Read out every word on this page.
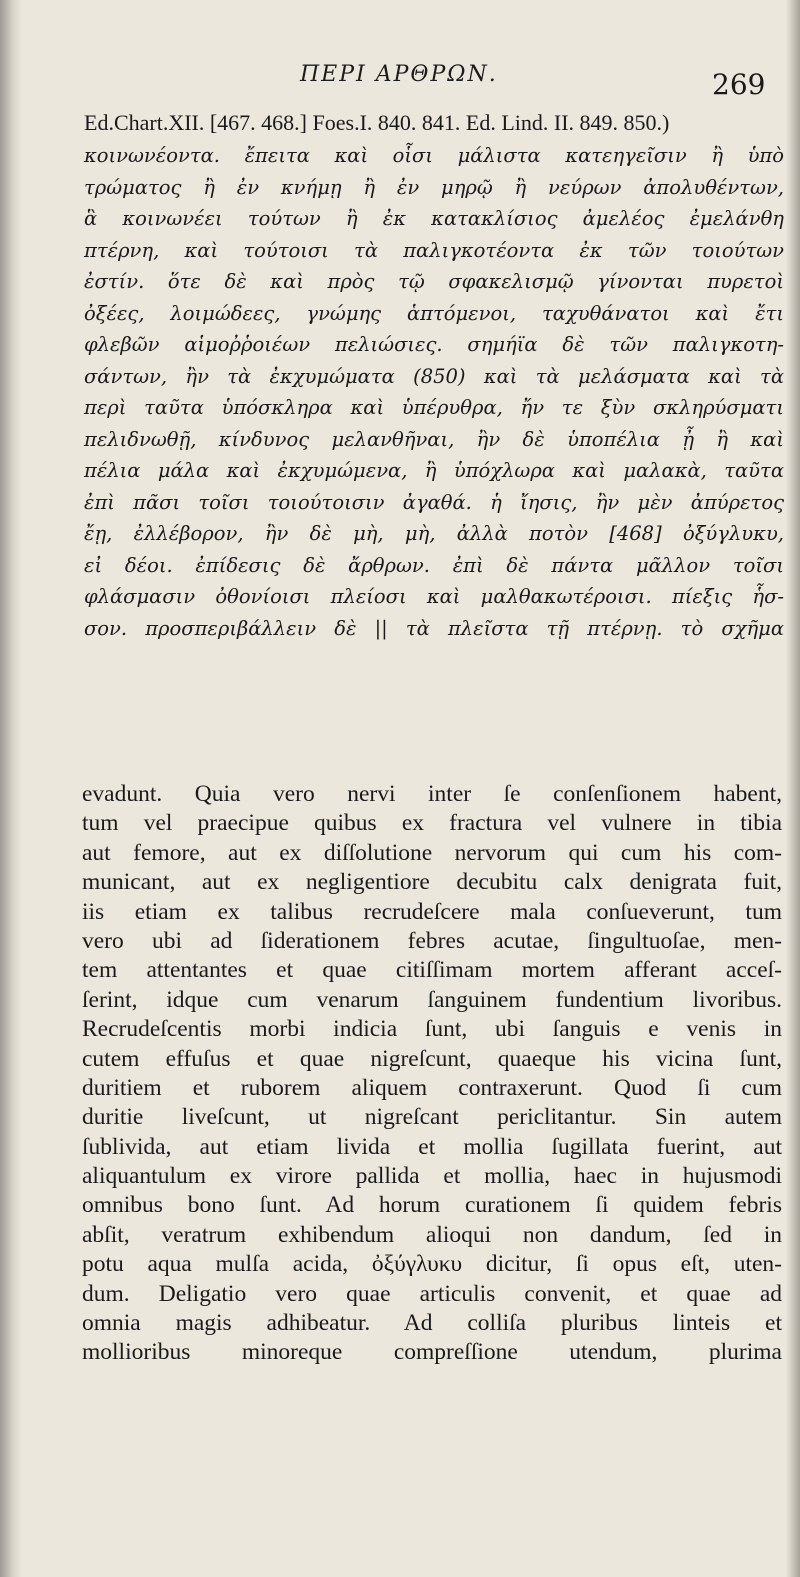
ΠΕΡΙ ΑΡΘΡΩΝ.	269
Ed.Chart.XII. [467. 468.] Foes.I. 840. 841. Ed. Lind. II. 849. 850.)
κοινωνέοντα. ἔπειτα καὶ οἷσι μάλιστα κατεηγεῖσιν ἢ ὑπὸ
τρώματος ἢ ἐν κνήμῃ ἢ ἐν μηρῷ ἢ νεύρων ἀπολυθέντων,
ἃ κοινωνέει τούτων ἢ ἐκ κατακλίσιος ἀμελέος ἐμελάνθη
πτέρνη, καὶ τούτοισι τὰ παλιγκοτέοντα ἐκ τῶν τοιούτων
ἐστίν. ὅτε δὲ καὶ πρὸς τῷ σφακελισμῷ γίνονται πυρετοὶ
ὀξέες, λοιμώδεες, γνώμης ἁπτόμενοι, ταχυθάνατοι καὶ ἔτι
φλεβῶν αἱμοῤῥοιέων πελιώσιες. σημήϊα δὲ τῶν παλιγκοτη-
σάντων, ἢν τὰ ἐκχυμώματα (850) καὶ τὰ μελάσματα καὶ τὰ
περὶ ταῦτα ὑπόσκληρα καὶ ὑπέρυθρα, ἤν τε ξὺν σκληρύσματι
πελιδνωθῇ, κίνδυνος μελανθῆναι, ἢν δὲ ὑποπέλια ᾖ ἢ καὶ
πέλια μάλα καὶ ἐκχυμώμενα, ἢ ὑπόχλωρα καὶ μαλακὰ, ταῦτα
ἐπὶ πᾶσι τοῖσι τοιούτοισιν ἀγαθά. ἡ ἴησις, ἢν μὲν ἀπύρετος
ἔῃ, ἐλλέβορον, ἢν δὲ μὴ, μὴ, ἀλλὰ ποτὸν [468] ὀξύγλυκυ,
εἰ δέοι. ἐπίδεσις δὲ ἄρθρων. ἐπὶ δὲ πάντα μᾶλλον τοῖσι
φλάσμασιν ὀθονίοισι πλείοσι καὶ μαλθακωτέροισι. πίεξις ἧσ-
σον. προσπεριβάλλειν δὲ || τὰ πλεῖστα τῇ πτέρνῃ. τὸ σχῆμα
evadunt. Quia vero nervi inter ſe conſenſionem habent,
tum vel praecipue quibus ex fractura vel vulnere in tibia
aut femore, aut ex diſſolutione nervorum qui cum his com-
municant, aut ex negligentiore decubitu calx denigrata fuit,
iis etiam ex talibus recrudeſcere mala conſueverunt, tum
vero ubi ad ſiderationem febres acutae, ſingultuoſae, men-
tem attentantes et quae citiſſimam mortem afferant acceſ-
ſerint, idque cum venarum ſanguinem fundentium livoribus.
Recrudeſcentis morbi indicia ſunt, ubi ſanguis e venis in
cutem effuſus et quae nigreſcunt, quaeque his vicina ſunt,
duritiem et ruborem aliquem contraxerunt. Quod ſi cum
duritie liveſcunt, ut nigreſcant periclitantur. Sin autem
ſublivida, aut etiam livida et mollia ſugillata fuerint, aut
aliquantulum ex virore pallida et mollia, haec in hujusmodi
omnibus bono ſunt. Ad horum curationem ſi quidem febris
abſit, veratrum exhibendum alioqui non dandum, ſed in
potu aqua mulſa acida, ὀξύγλυκυ dicitur, ſi opus eſt, uten-
dum. Deligatio vero quae articulis convenit, et quae ad
omnia magis adhibeatur. Ad colliſa pluribus linteis et
mollioribus minoreque compreſſione utendum, plurima
